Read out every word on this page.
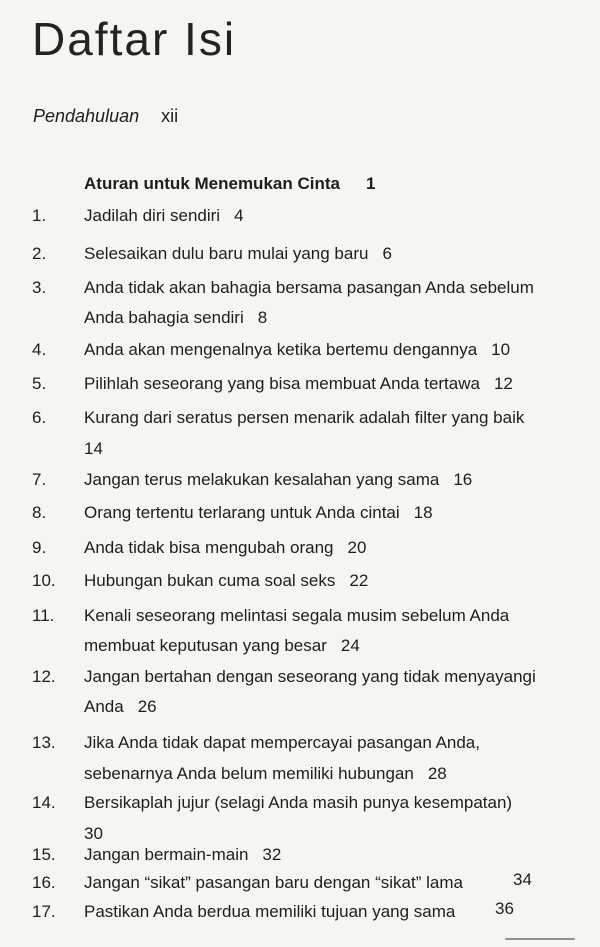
Daftar Isi
Pendahuluan xii
Aturan untuk Menemukan Cinta 1
1. Jadilah diri sendiri 4
2. Selesaikan dulu baru mulai yang baru 6
3. Anda tidak akan bahagia bersama pasangan Anda sebelum
Anda bahagia sendiri 8
4. Anda akan mengenalnya ketika bertemu dengannya 10
5. Pilihlah seseorang yang bisa membuat Anda tertawa 12
6. Kurang dari seratus persen menarik adalah filter yang baik
14
7. Jangan terus melakukan kesalahan yang sama 16
8. Orang tertentu terlarang untuk Anda cintai 18
9. Anda tidak bisa mengubah orang 20
10. Hubungan bukan cuma soal seks 22
11. Kenali seseorang melintasi segala musim sebelum Anda
membuat keputusan yang besar 24
12. Jangan bertahan dengan seseorang yang tidak menyayangi
Anda 26
13. Jika Anda tidak dapat mempercayai pasangan Anda,
sebenarnya Anda belum memiliki hubungan 28
14. Bersikaplah jujur (selagi Anda masih punya kesempatan)
30
15. Jangan bermain-main 32
16. Jangan “sikat” pasangan baru dengan “sikat” lama	34
17. Pastikan Anda berdua memiliki tujuan yang sama 36
